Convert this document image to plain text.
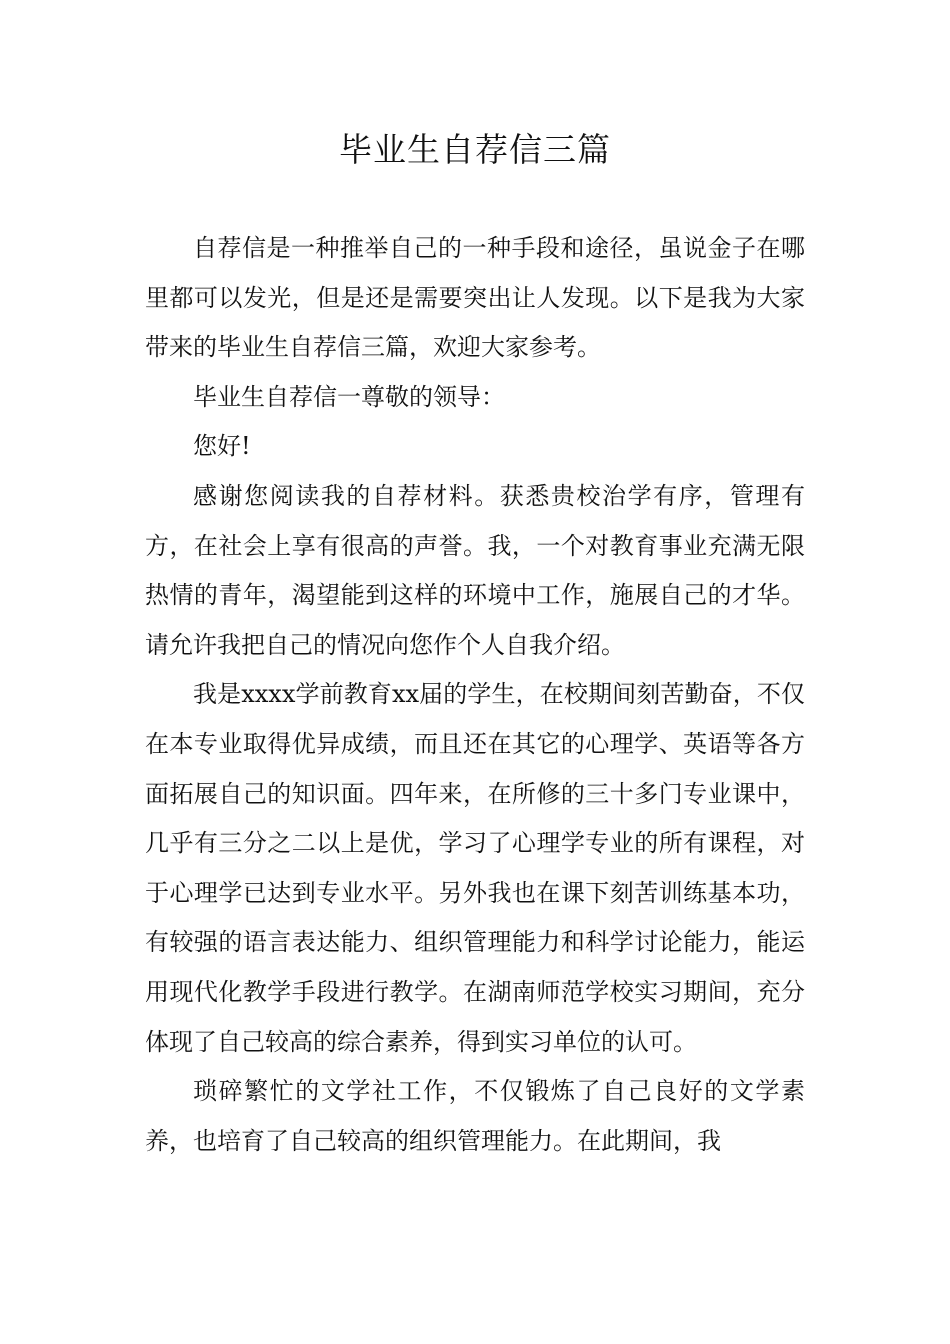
毕业生自荐信三篇

自荐信是一种推举自己的一种手段和途径，虽说金子在哪里都可以发光，但是还是需要突出让人发现。以下是我为大家带来的毕业生自荐信三篇，欢迎大家参考。

毕业生自荐信一尊敬的领导：

您好!

感谢您阅读我的自荐材料。获悉贵校治学有序，管理有方，在社会上享有很高的声誉。我，一个对教育事业充满无限热情的青年，渴望能到这样的环境中工作，施展自己的才华。请允许我把自己的情况向您作个人自我介绍。

我是xxxx学前教育xx届的学生，在校期间刻苦勤奋，不仅在本专业取得优异成绩，而且还在其它的心理学、英语等各方面拓展自己的知识面。四年来，在所修的三十多门专业课中，几乎有三分之二以上是优，学习了心理学专业的所有课程，对于心理学已达到专业水平。另外我也在课下刻苦训练基本功，有较强的语言表达能力、组织管理能力和科学讨论能力，能运用现代化教学手段进行教学。在湖南师范学校实习期间，充分体现了自己较高的综合素养，得到实习单位的认可。

琐碎繁忙的文学社工作，不仅锻炼了自己良好的文学素养，也培育了自己较高的组织管理能力。在此期间，我
